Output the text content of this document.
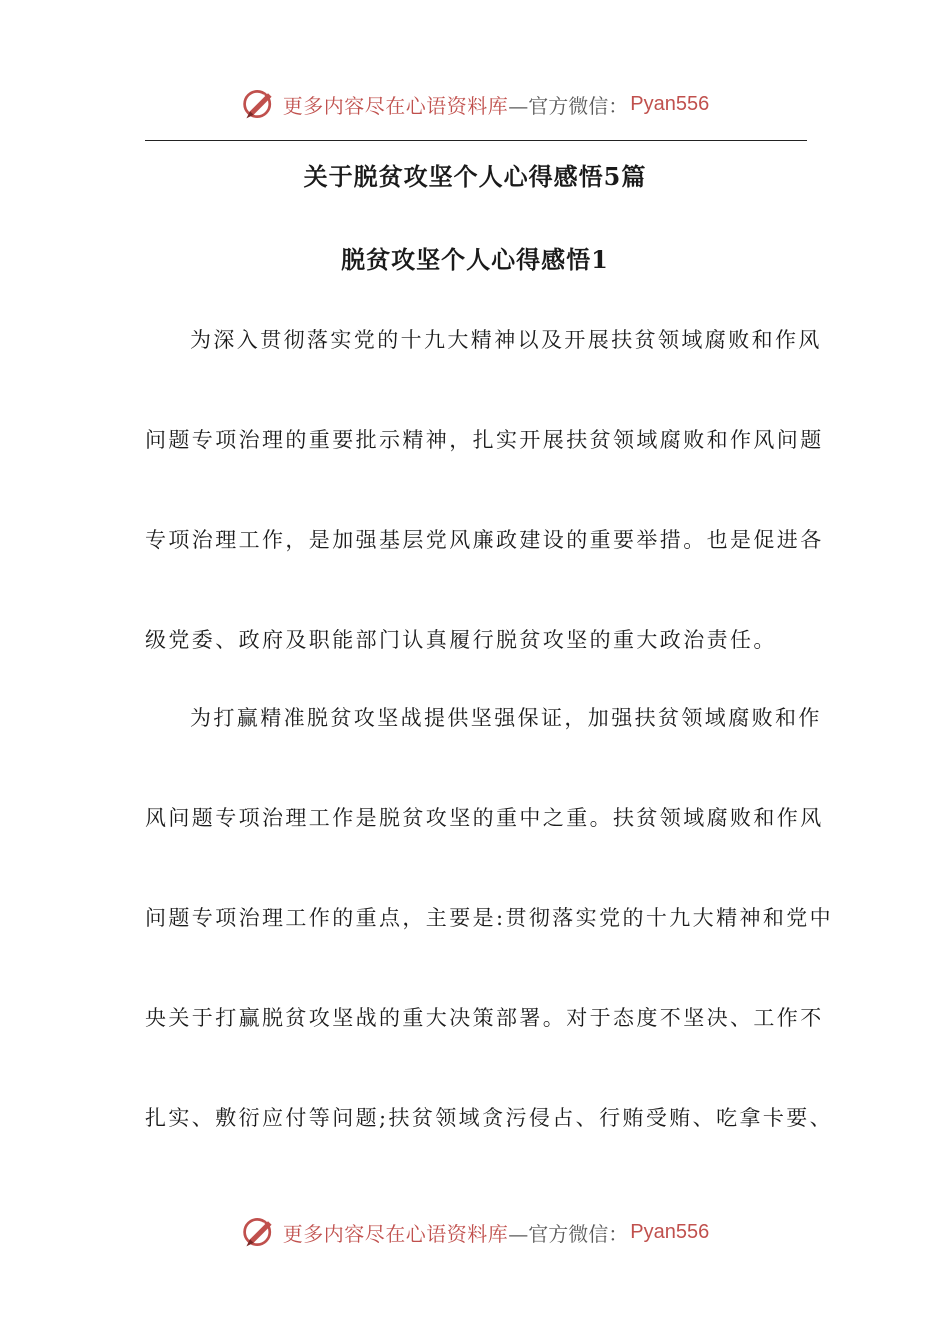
更多内容尽在心语资料库 —官方微信： Pyan556
关于脱贫攻坚个人心得感悟5篇
脱贫攻坚个人心得感悟1
为深入贯彻落实党的十九大精神以及开展扶贫领域腐败和作风
问题专项治理的重要批示精神，扎实开展扶贫领域腐败和作风问题
专项治理工作，是加强基层党风廉政建设的重要举措。也是促进各
级党委、政府及职能部门认真履行脱贫攻坚的重大政治责任。
为打赢精准脱贫攻坚战提供坚强保证，加强扶贫领域腐败和作
风问题专项治理工作是脱贫攻坚的重中之重。扶贫领域腐败和作风
问题专项治理工作的重点，主要是:贯彻落实党的十九大精神和党中
央关于打赢脱贫攻坚战的重大决策部署。对于态度不坚决、工作不
扎实、敷衍应付等问题;扶贫领域贪污侵占、行贿受贿、吃拿卡要、
更多内容尽在心语资料库 —官方微信： Pyan556
